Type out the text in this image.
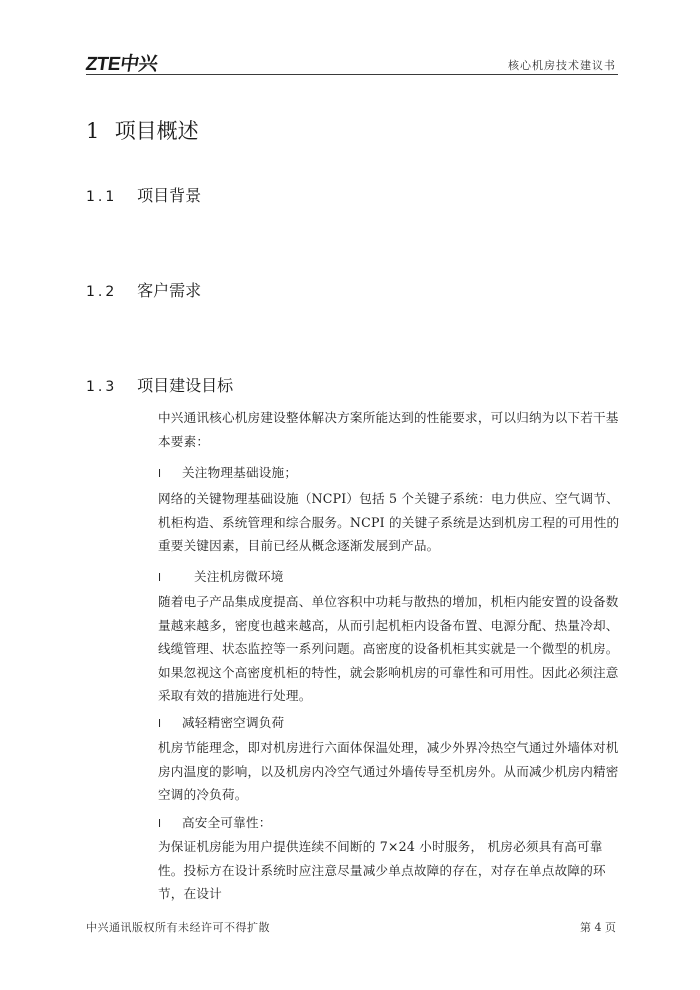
ZTE中兴	核心机房技术建议书
1 项目概述
1.1 项目背景
1.2 客户需求
1.3 项目建设目标

中兴通讯核心机房建设整体解决方案所能达到的性能要求，可以归纳为以下若干基本要素：

l 关注物理基础设施；

网络的关键物理基础设施（NCPI）包括 5 个关键子系统：电力供应、空气调节、机柜构造、系统管理和综合服务。NCPI 的关键子系统是达到机房工程的可用性的重要关键因素，目前已经从概念逐渐发展到产品。

l	关注机房微环境

随着电子产品集成度提高、单位容积中功耗与散热的增加，机柜内能安置的设备数量越来越多，密度也越来越高，从而引起机柜内设备布置、电源分配、热量冷却、线缆管理、状态监控等一系列问题。高密度的设备机柜其实就是一个微型的机房。如果忽视这个高密度机柜的特性，就会影响机房的可靠性和可用性。因此必须注意采取有效的措施进行处理。

l 减轻精密空调负荷

机房节能理念，即对机房进行六面体保温处理，减少外界冷热空气通过外墙体对机房内温度的影响，以及机房内冷空气通过外墙传导至机房外。从而减少机房内精密空调的冷负荷。

l 高安全可靠性：

为保证机房能为用户提供连续不间断的 7×24 小时服务， 机房必须具有高可靠性。投标方在设计系统时应注意尽量减少单点故障的存在，对存在单点故障的环节，在设计

中兴通讯版权所有未经许可不得扩散	第 4 页
